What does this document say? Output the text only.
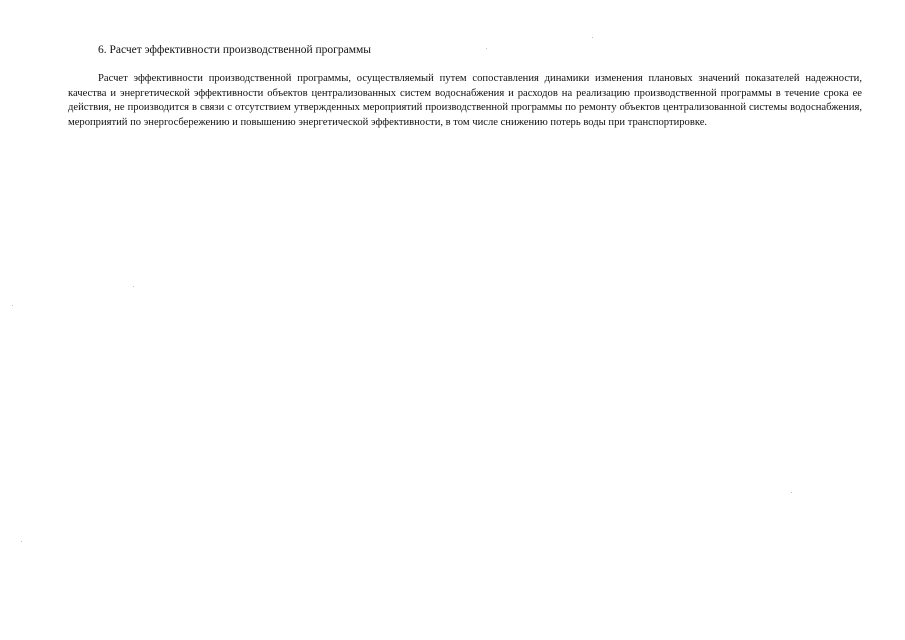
6. Расчет эффективности производственной программы

Расчет эффективности производственной программы, осуществляемый путем сопоставления динамики изменения плановых значений показателей надежности, качества и энергетической эффективности объектов централизованных систем водоснабжения и расходов на реализацию производственной программы в течение срока ее действия, не производится в связи с отсутствием утвержденных мероприятий производственной программы по ремонту объектов централизованной системы водоснабжения, мероприятий по энергосбережению и повышению энергетической эффективности, в том числе снижению потерь воды при транспортировке.
